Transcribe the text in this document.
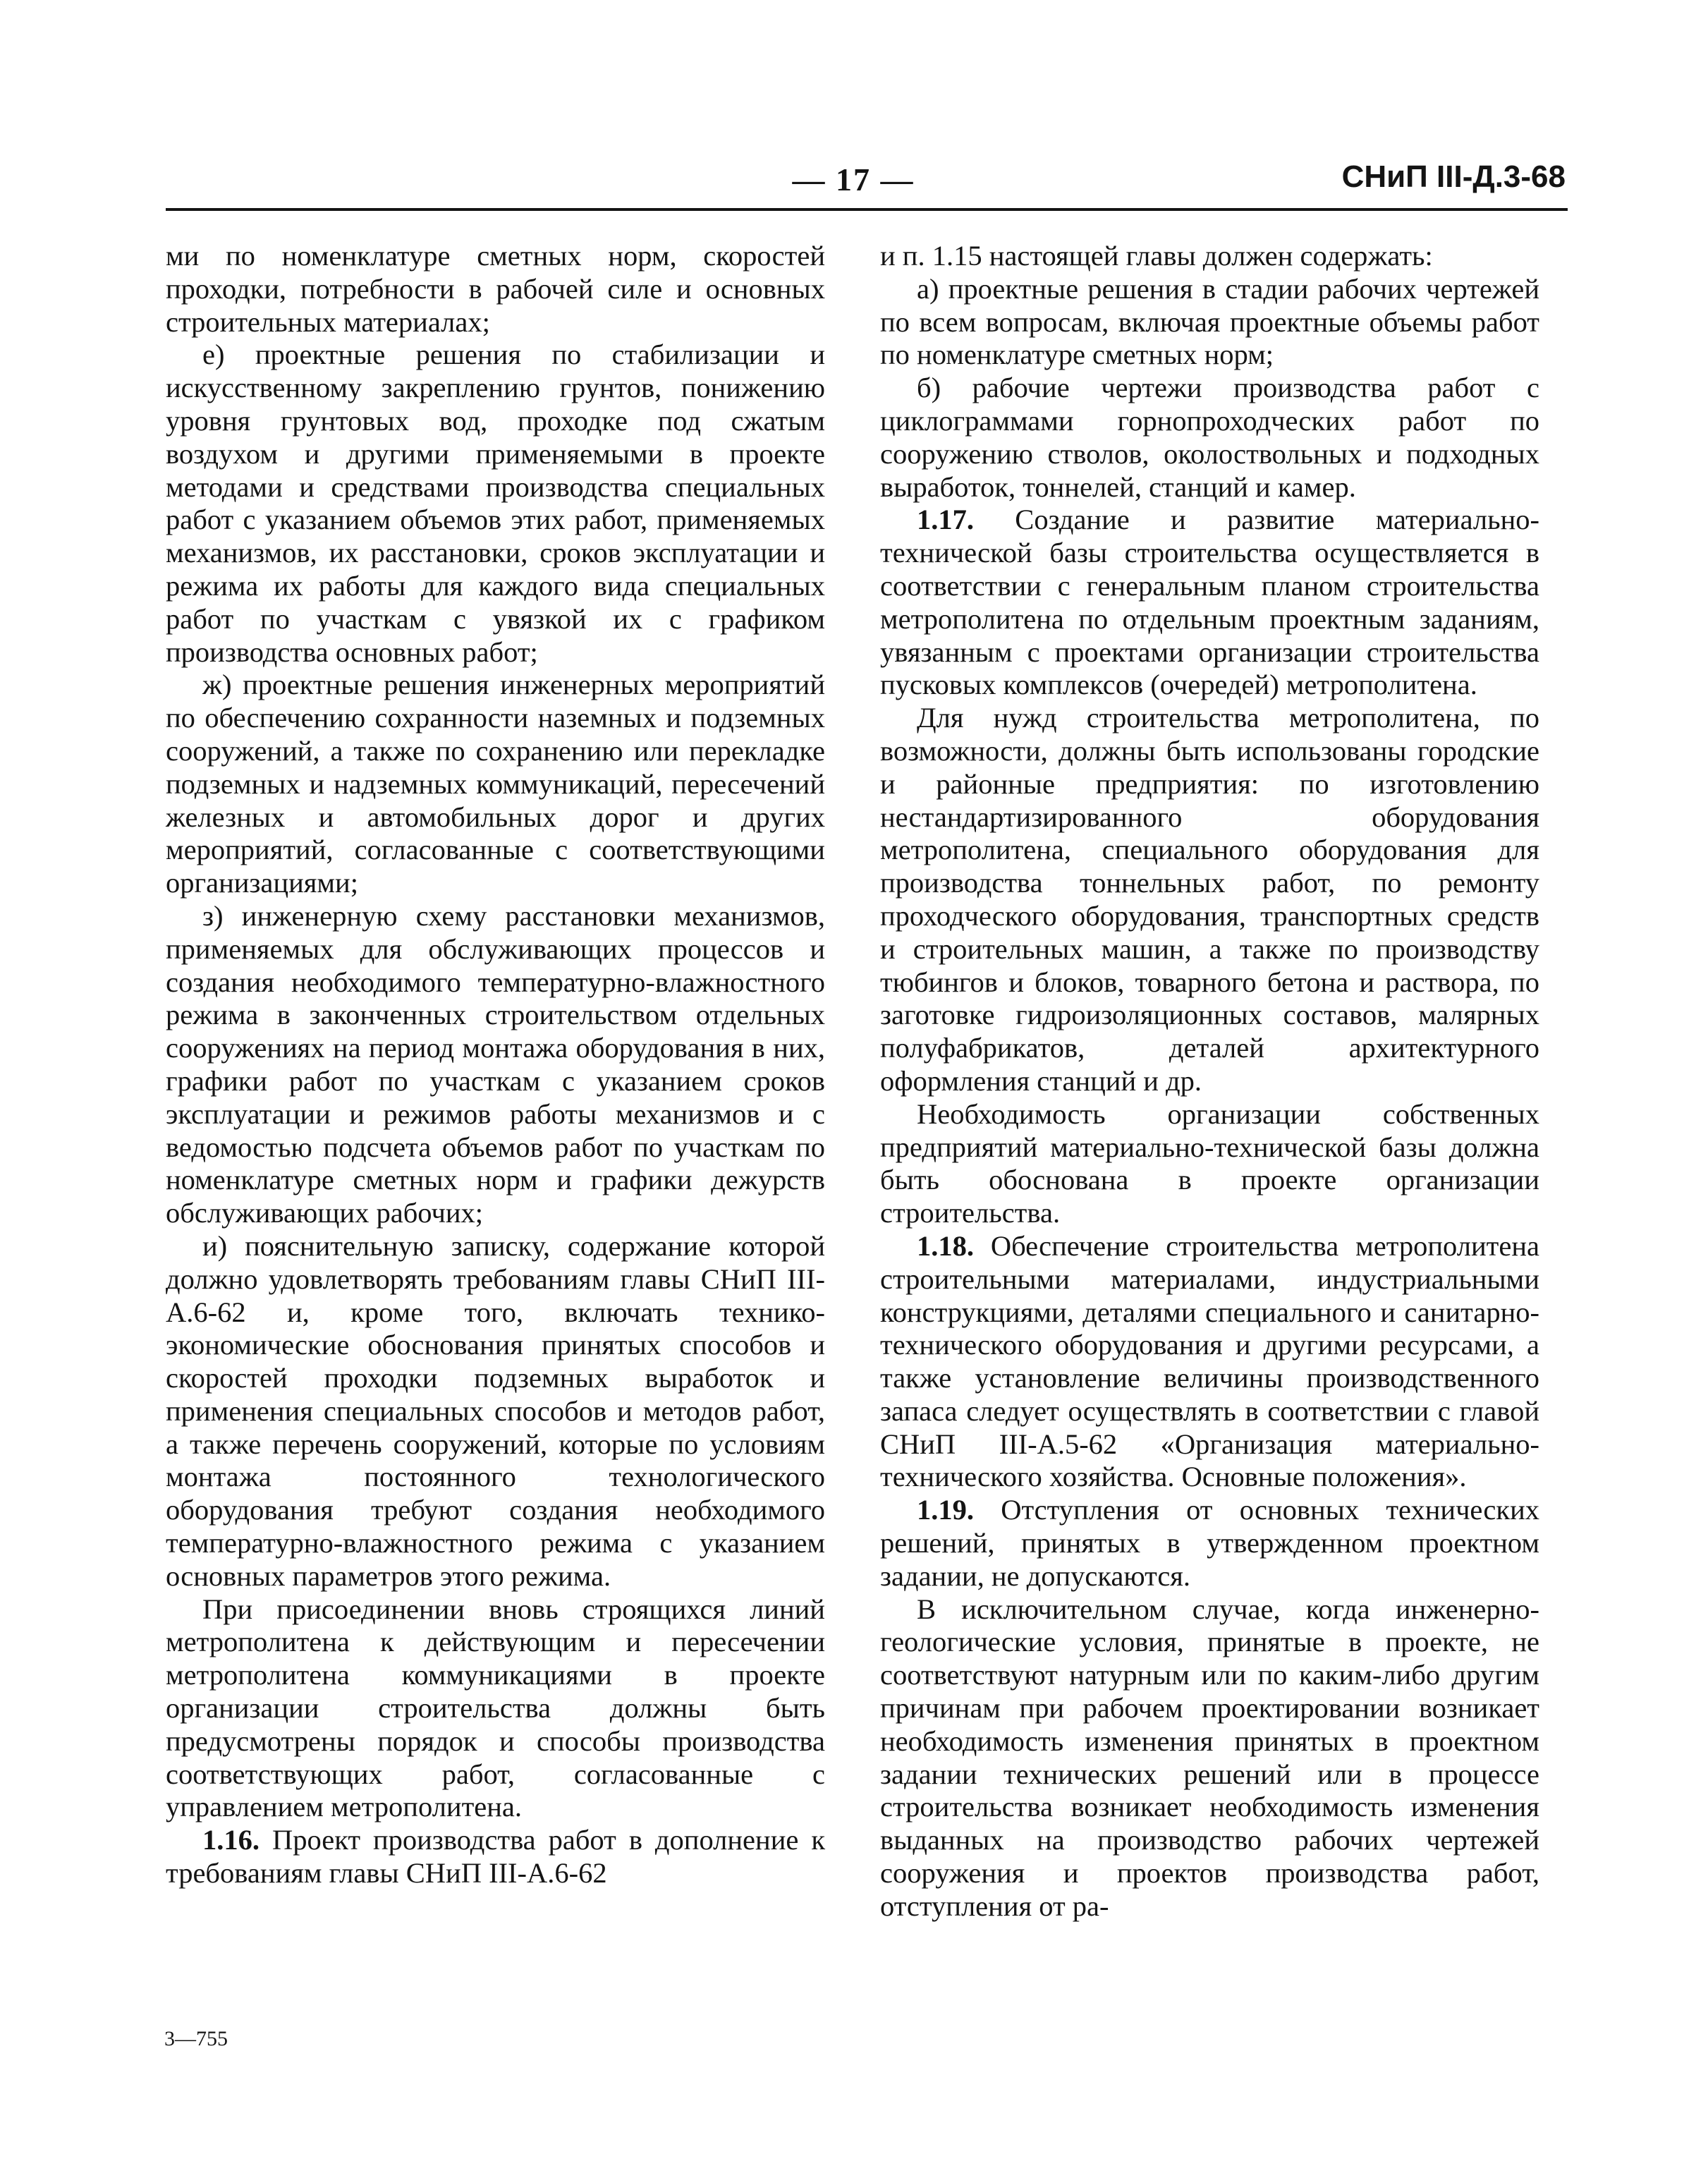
— 17 —	СНиП III-Д.3-68

ми по номенклатуре сметных норм, скоростей проходки, потребности в рабочей силе и основных строительных материалах;

е) проектные решения по стабилизации и искусственному закреплению грунтов, понижению уровня грунтовых вод, проходке под сжатым воздухом и другими применяемыми в проекте методами и средствами производства специальных работ с указанием объемов этих работ, применяемых механизмов, их расстановки, сроков эксплуатации и режима их работы для каждого вида специальных работ по участкам с увязкой их с графиком производства основных работ;

ж) проектные решения инженерных мероприятий по обеспечению сохранности наземных и подземных сооружений, а также по сохранению или перекладке подземных и надземных коммуникаций, пересечений железных и автомобильных дорог и других мероприятий, согласованные с соответствующими организациями;

з) инженерную схему расстановки механизмов, применяемых для обслуживающих процессов и создания необходимого температурно-влажностного режима в законченных строительством отдельных сооружениях на период монтажа оборудования в них, графики работ по участкам с указанием сроков эксплуатации и режимов работы механизмов и с ведомостью подсчета объемов работ по участкам по номенклатуре сметных норм и графики дежурств обслуживающих рабочих;

и) пояснительную записку, содержание которой должно удовлетворять требованиям главы СНиП III-А.6-62 и, кроме того, включать технико-экономические обоснования принятых способов и скоростей проходки подземных выработок и применения специальных способов и методов работ, а также перечень сооружений, которые по условиям монтажа постоянного технологического оборудования требуют создания необходимого температурно-влажностного режима с указанием основных параметров этого режима.

При присоединении вновь строящихся линий метрополитена к действующим и пересечении метрополитена коммуникациями в проекте организации строительства должны быть предусмотрены порядок и способы производства соответствующих работ, согласованные с управлением метрополитена.

1.16. Проект производства работ в дополнение к требованиям главы СНиП III-А.6-62

и п. 1.15 настоящей главы должен содержать:

а) проектные решения в стадии рабочих чертежей по всем вопросам, включая проектные объемы работ по номенклатуре сметных норм;

б) рабочие чертежи производства работ с циклограммами горнопроходческих работ по сооружению стволов, околоствольных и подходных выработок, тоннелей, станций и камер.

1.17. Создание и развитие материально-технической базы строительства осуществляется в соответствии с генеральным планом строительства метрополитена по отдельным проектным заданиям, увязанным с проектами организации строительства пусковых комплексов (очередей) метрополитена.

Для нужд строительства метрополитена, по возможности, должны быть использованы городские и районные предприятия: по изготовлению нестандартизированного оборудования метрополитена, специального оборудования для производства тоннельных работ, по ремонту проходческого оборудования, транспортных средств и строительных машин, а также по производству тюбингов и блоков, товарного бетона и раствора, по заготовке гидроизоляционных составов, малярных полуфабрикатов, деталей архитектурного оформления станций и др.

Необходимость организации собственных предприятий материально-технической базы должна быть обоснована в проекте организации строительства.

1.18. Обеспечение строительства метрополитена строительными материалами, индустриальными конструкциями, деталями специального и санитарно-технического оборудования и другими ресурсами, а также установление величины производственного запаса следует осуществлять в соответствии с главой СНиП III-А.5-62 «Организация материально-технического хозяйства. Основные положения».

1.19. Отступления от основных технических решений, принятых в утвержденном проектном задании, не допускаются.

В исключительном случае, когда инженерно-геологические условия, принятые в проекте, не соответствуют натурным или по каким-либо другим причинам при рабочем проектировании возникает необходимость изменения принятых в проектном задании технических решений или в процессе строительства возникает необходимость изменения выданных на производство рабочих чертежей сооружения и проектов производства работ, отступления от ра-

3—755
